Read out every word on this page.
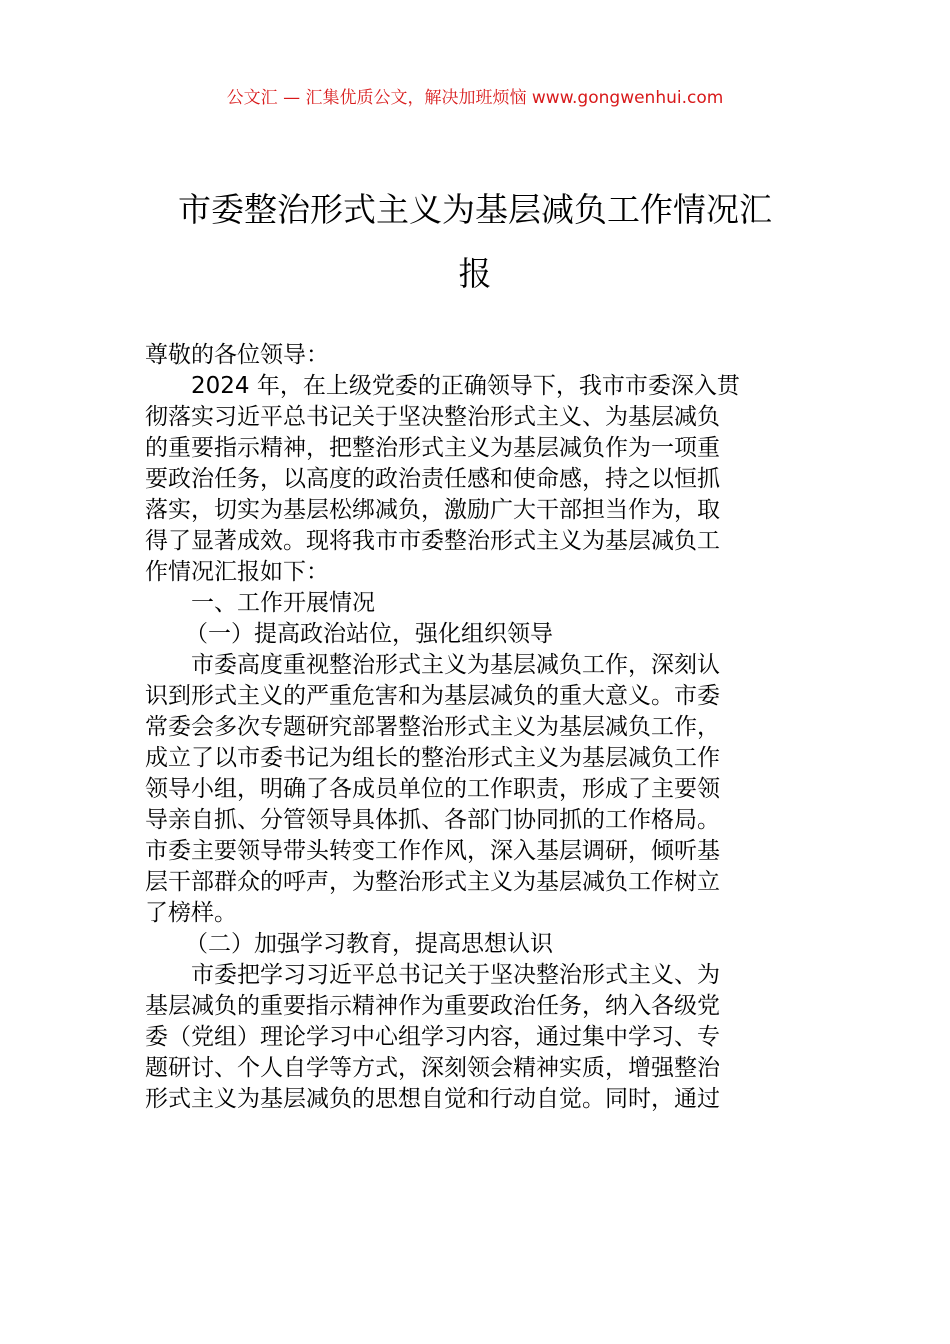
公文汇 — 汇集优质公文，解决加班烦恼 www.gongwenhui.com
市委整治形式主义为基层减负工作情况汇
报
尊敬的各位领导：
2024 年，在上级党委的正确领导下，我市市委深入贯
彻落实习近平总书记关于坚决整治形式主义、为基层减负
的重要指示精神，把整治形式主义为基层减负作为一项重
要政治任务，以高度的政治责任感和使命感，持之以恒抓
落实，切实为基层松绑减负，激励广大干部担当作为，取
得了显著成效。现将我市市委整治形式主义为基层减负工
作情况汇报如下：
一、工作开展情况
（一）提高政治站位，强化组织领导
市委高度重视整治形式主义为基层减负工作，深刻认
识到形式主义的严重危害和为基层减负的重大意义。市委
常委会多次专题研究部署整治形式主义为基层减负工作，
成立了以市委书记为组长的整治形式主义为基层减负工作
领导小组，明确了各成员单位的工作职责，形成了主要领
导亲自抓、分管领导具体抓、各部门协同抓的工作格局。
市委主要领导带头转变工作作风，深入基层调研，倾听基
层干部群众的呼声，为整治形式主义为基层减负工作树立
了榜样。
（二）加强学习教育，提高思想认识
市委把学习习近平总书记关于坚决整治形式主义、为
基层减负的重要指示精神作为重要政治任务，纳入各级党
委（党组）理论学习中心组学习内容，通过集中学习、专
题研讨、个人自学等方式，深刻领会精神实质，增强整治
形式主义为基层减负的思想自觉和行动自觉。同时，通过
